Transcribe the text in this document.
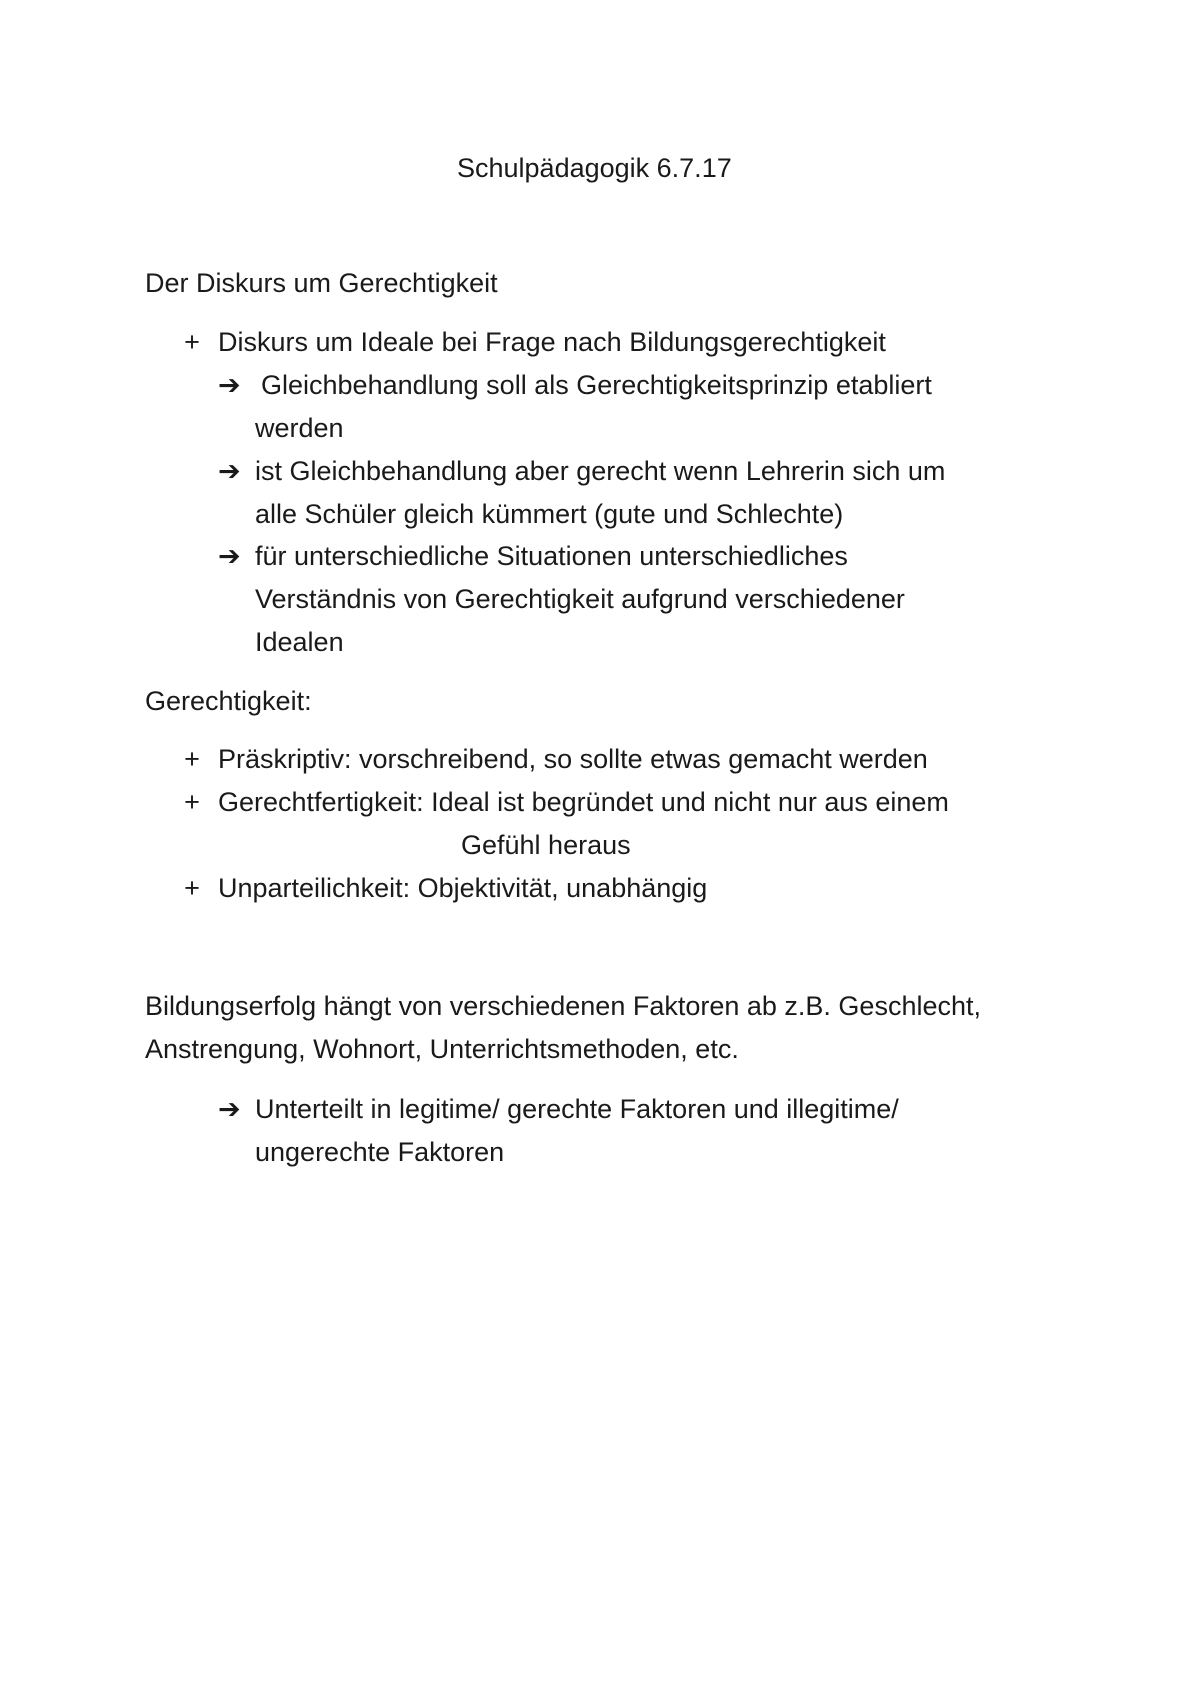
Schulpädagogik 6.7.17
Der Diskurs um Gerechtigkeit
+ Diskurs um Ideale bei Frage nach Bildungsgerechtigkeit
➔ Gleichbehandlung soll als Gerechtigkeitsprinzip etabliert
werden
➔ ist Gleichbehandlung aber gerecht wenn Lehrerin sich um
alle Schüler gleich kümmert (gute und Schlechte)
➔ für unterschiedliche Situationen unterschiedliches
Verständnis von Gerechtigkeit aufgrund verschiedener
Idealen
Gerechtigkeit:
+ Präskriptiv: vorschreibend, so sollte etwas gemacht werden
+ Gerechtfertigkeit: Ideal ist begründet und nicht nur aus einem
Gefühl heraus
+ Unparteilichkeit: Objektivität, unabhängig
Bildungserfolg hängt von verschiedenen Faktoren ab z.B. Geschlecht,
Anstrengung, Wohnort, Unterrichtsmethoden, etc.
➔ Unterteilt in legitime/ gerechte Faktoren und illegitime/
ungerechte Faktoren
